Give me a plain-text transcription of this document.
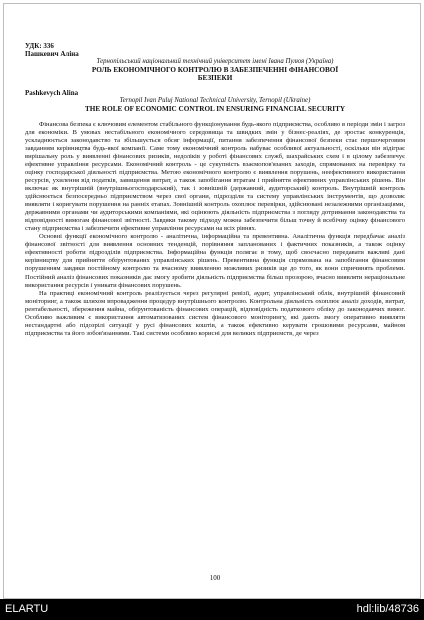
УДК: 336
Пашкевич Аліна
Тернопільський національний технічний університет імені Івана Пулюя (Україна)
РОЛЬ ЕКОНОМІЧНОГО КОНТРОЛЮ В ЗАБЕЗПЕЧЕННІ ФІНАНСОВОЇ
БЕЗПЕКИ
Pashkevych Alina
Ternopil Ivan Puluj National Technical University, Ternopil (Ukraine)
THE ROLE OF ECONOMIC CONTROL IN ENSURING FINANCIAL SECURITY

Фінансова безпека є ключовим елементом стабільного функціонування будь-якого підприємства, особливо в періоди змін і загроз для економіки. В умовах нестабільного економічного середовища та швидких змін у бізнес-реаліях, де зростає конкуренція, ускладнюється законодавство та збільшується обсяг інформації, питання забезпечення фінансової безпеки стає першочерговим завданням керівництва будь-якої компанії. Саме тому економічний контроль набуває особливої актуальності, оскільки він відіграє вирішальну роль у виявленні фінансових ризиків, недоліків у роботі фінансових служб, шахрайських схем і в цілому забезпечує ефективне управління ресурсами. Економічний контроль - це сукупність взаємопов'язаних заходів, спрямованих на перевірку та оцінку господарської діяльності підприємства. Метою економічного контролю є виявлення порушень, неефективного використання ресурсів, ухилення від податків, завищення витрат, а також запобігання втратам і прийняття ефективних управлінських рішень. Він включає як внутрішній (внутрішньогосподарський), так і зовнішній (державний, аудиторський) контроль. Внутрішній контроль здійснюється безпосередньо підприємством через свої органи, підрозділи та систему управлінських інструментів, що дозволяє виявляти і коригувати порушення на ранніх етапах. Зовнішній контроль охоплює перевірки, здійснювані незалежними організаціями, державними органами чи аудиторськими компаніями, які оцінюють діяльність підприємства з погляду дотримання законодавства та відповідності вимогам фінансової звітності. Завдяки такому підходу можна забезпечити більш точну й всебічну оцінку фінансового стану підприємства і забезпечити ефективне управління ресурсами на всіх рівнях.

Основні функції економічного контролю - аналітична, інформаційна та превентивна. Аналітична функція передбачає аналіз фінансової звітності для виявлення основних тенденцій, порівняння запланованих і фактичних показників, а також оцінку ефективності роботи підрозділів підприємства. Інформаційна функція полягає в тому, щоб своєчасно передавати важливі дані керівництву для прийняття обґрунтованих управлінських рішень. Превентивна функція спрямована на запобігання фінансовим порушенням завдяки постійному контролю та вчасному виявленню можливих ризиків ще до того, як вони спричинять проблеми. Постійний аналіз фінансових показників дає змогу зробити діяльність підприємства більш прозорою, вчасно виявляти нераціональне використання ресурсів і уникати фінансових порушень.

На практиці економічний контроль реалізується через регулярні ревізії, аудит, управлінський облік, внутрішній фінансовий моніторинг, а також шляхом впровадження процедур внутрішнього контролю. Контрольна діяльність охоплює аналіз доходів, витрат, рентабельності, збереження майна, обґрунтованість фінансових операцій, відповідність податкового обліку до законодавчих вимог. Особливо важливим є використання автоматизованих систем фінансового моніторингу, які дають змогу оперативно виявляти нестандартні або підозрілі ситуації у русі фінансових коштів, а також ефективно керувати грошовими ресурсами, майном підприємства та його зобов'язаннями. Такі системи особливо корисні для великих підприємств, де через

100
ELARTU	hdl:lib/48736
